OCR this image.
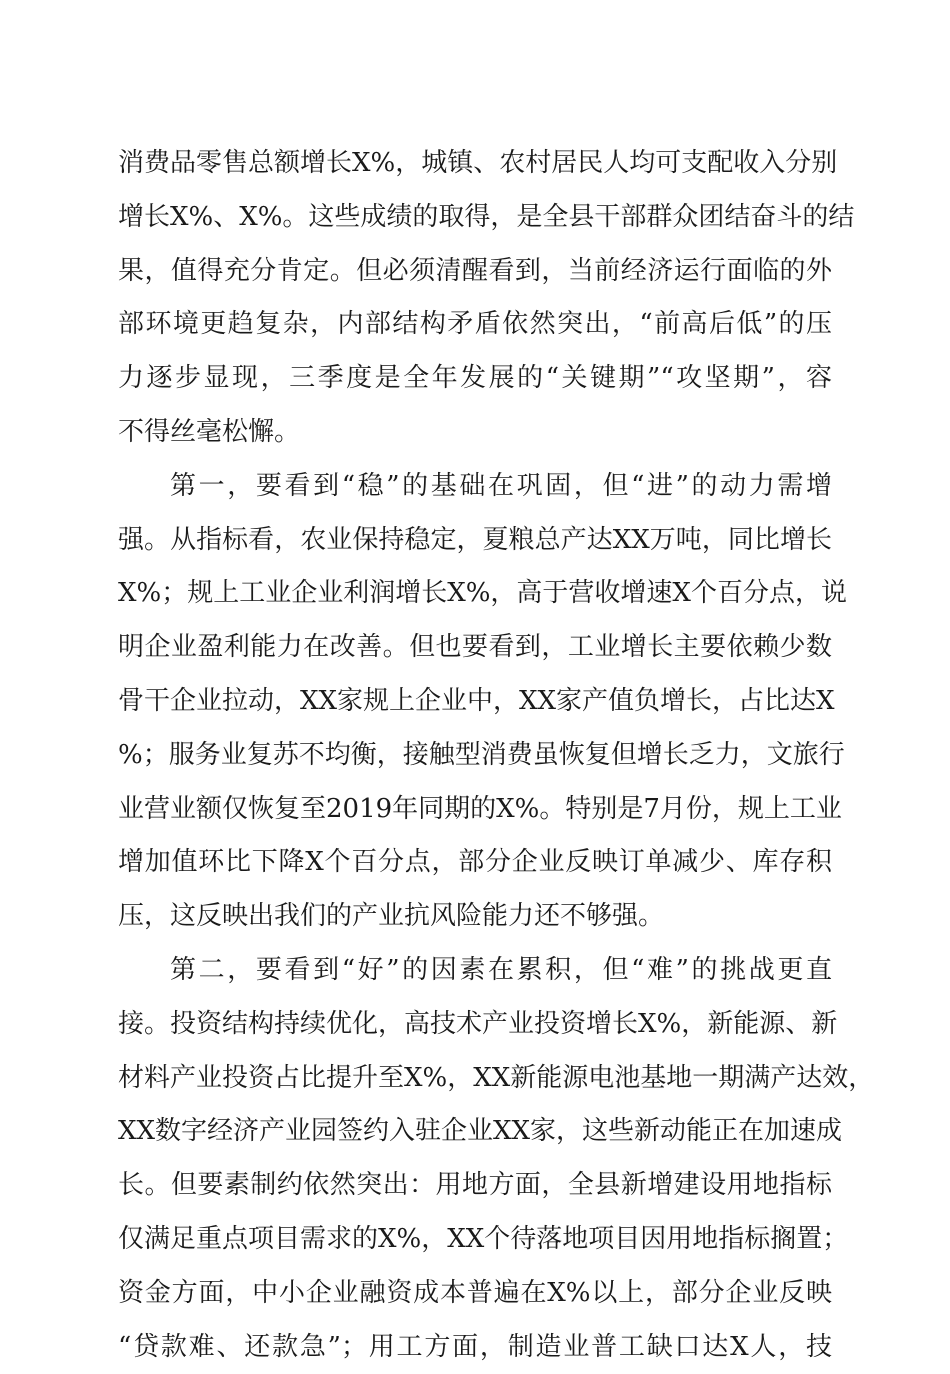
消费品零售总额增长X%，城镇、农村居民人均可支配收入分别
增长X%、X%。这些成绩的取得，是全县干部群众团结奋斗的结
果，值得充分肯定。但必须清醒看到，当前经济运行面临的外
部环境更趋复杂，内部结构矛盾依然突出，“前高后低”的压
力逐步显现，三季度是全年发展的“关键期”“攻坚期”，容
不得丝毫松懈。
第一，要看到“稳”的基础在巩固，但“进”的动力需增
强。从指标看，农业保持稳定，夏粮总产达XX万吨，同比增长
X%；规上工业企业利润增长X%，高于营收增速X个百分点，说
明企业盈利能力在改善。但也要看到，工业增长主要依赖少数
骨干企业拉动，XX家规上企业中，XX家产值负增长，占比达X
%；服务业复苏不均衡，接触型消费虽恢复但增长乏力，文旅行
业营业额仅恢复至2019年同期的X%。特别是7月份，规上工业
增加值环比下降X个百分点，部分企业反映订单减少、库存积
压，这反映出我们的产业抗风险能力还不够强。
第二，要看到“好”的因素在累积，但“难”的挑战更直
接。投资结构持续优化，高技术产业投资增长X%，新能源、新
材料产业投资占比提升至X%，XX新能源电池基地一期满产达效，
XX数字经济产业园签约入驻企业XX家，这些新动能正在加速成
长。但要素制约依然突出：用地方面，全县新增建设用地指标
仅满足重点项目需求的X%，XX个待落地项目因用地指标搁置；
资金方面，中小企业融资成本普遍在X%以上，部分企业反映
“贷款难、还款急”；用工方面，制造业普工缺口达X人，技
